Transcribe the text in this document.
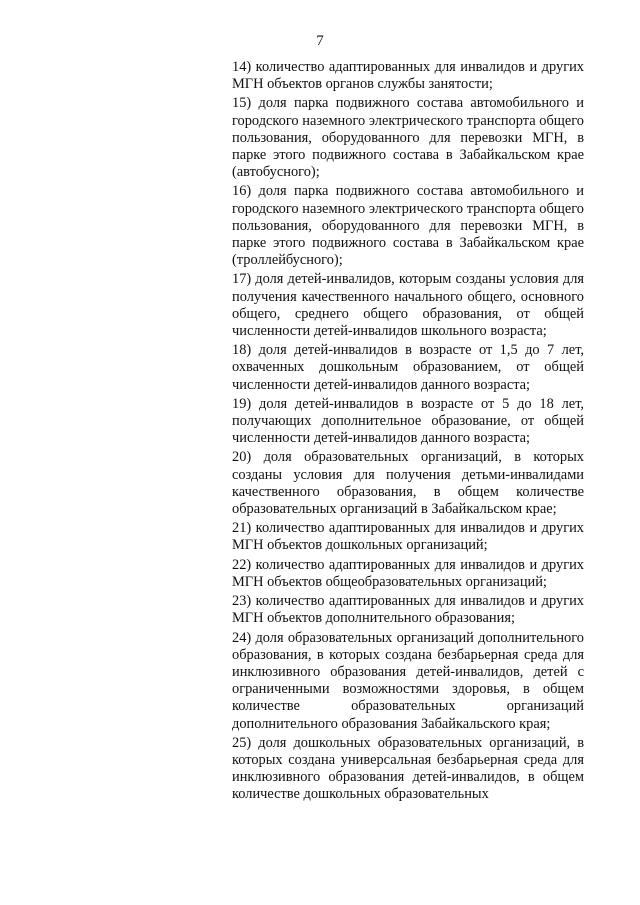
7

14) количество адаптированных для инвалидов и других МГН объектов органов службы занятости;

15) доля парка подвижного состава автомобильного и городского наземного электрического транспорта общего пользования, оборудованного для перевозки МГН, в парке этого подвижного состава в Забайкальском крае (автобусного);

16) доля парка подвижного состава автомобильного и городского наземного электрического транспорта общего пользования, оборудованного для перевозки МГН, в парке этого подвижного состава в Забайкальском крае (троллейбусного);

17) доля детей-инвалидов, которым созданы условия для получения качественного начального общего, основного общего, среднего общего образования, от общей численности детей-инвалидов школьного возраста;

18) доля детей-инвалидов в возрасте от 1,5 до 7 лет, охваченных дошкольным образованием, от общей численности детей-инвалидов данного возраста;

19) доля детей-инвалидов в возрасте от 5 до 18 лет, получающих дополнительное образование, от общей численности детей-инвалидов данного возраста;

20) доля образовательных организаций, в которых созданы условия для получения детьми-инвалидами качественного образования, в общем количестве образовательных организаций в Забайкальском крае;

21) количество адаптированных для инвалидов и других МГН объектов дошкольных организаций;

22) количество адаптированных для инвалидов и других МГН объектов общеобразовательных организаций;

23) количество адаптированных для инвалидов и других МГН объектов дополнительного образования;

24) доля образовательных организаций дополнительного образования, в которых создана безбарьерная среда для инклюзивного образования детей-инвалидов, детей с ограниченными возможностями здоровья, в общем количестве образовательных организаций дополнительного образования Забайкальского края;

25) доля дошкольных образовательных организаций, в которых создана универсальная безбарьерная среда для инклюзивного образования детей-инвалидов, в общем количестве дошкольных образовательных
